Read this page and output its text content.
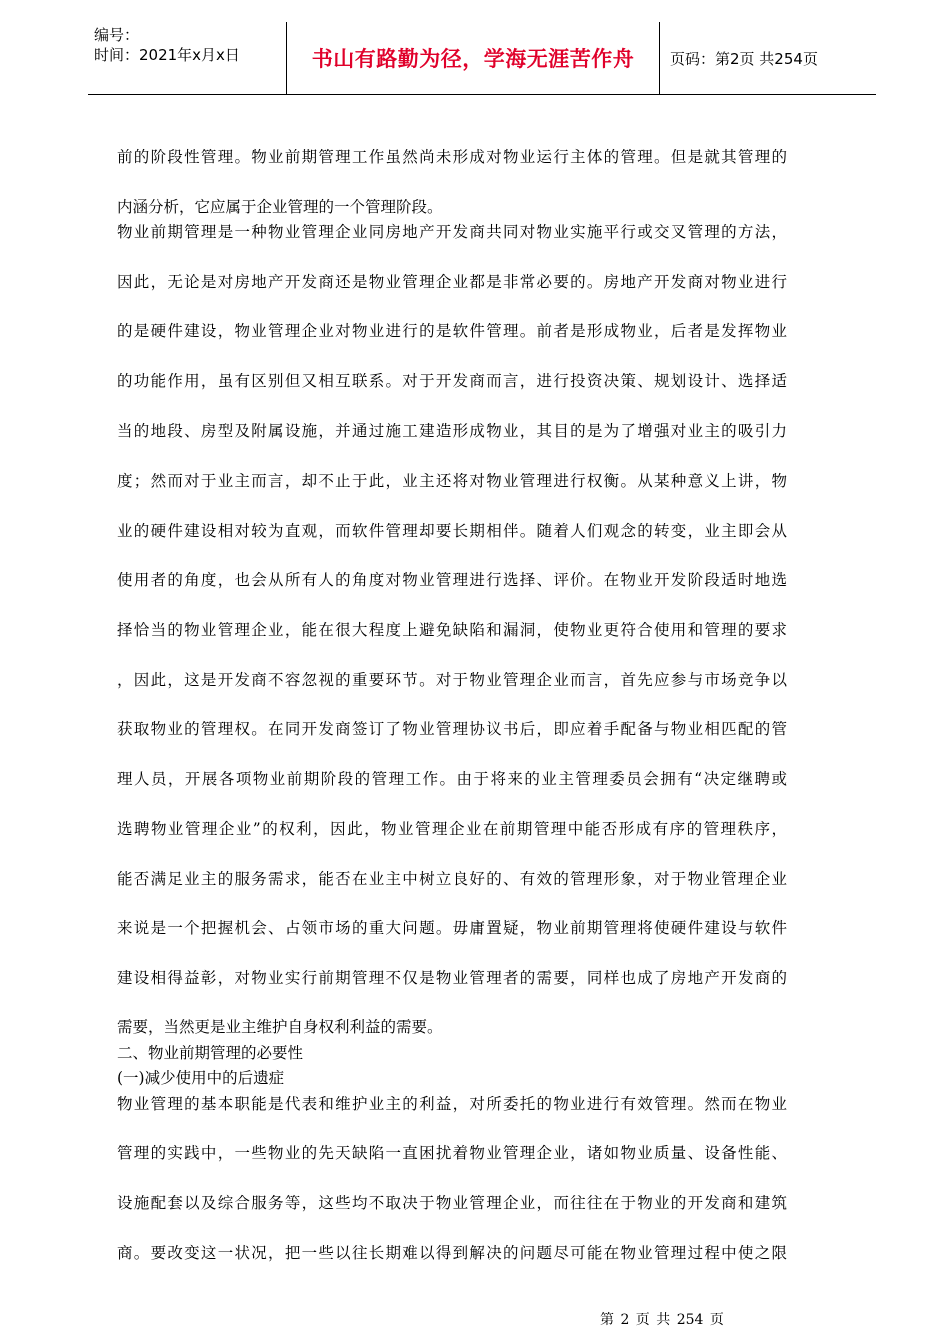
编号：
时间：2021年x月x日	书山有路勤为径，学海无涯苦作舟 页码：第2页 共254页
前的阶段性管理。物业前期管理工作虽然尚未形成对物业运行主体的管理。但是就其管理的
内涵分析，它应属于企业管理的一个管理阶段。
物业前期管理是一种物业管理企业同房地产开发商共同对物业实施平行或交叉管理的方法，
因此，无论是对房地产开发商还是物业管理企业都是非常必要的。房地产开发商对物业进行
的是硬件建设，物业管理企业对物业进行的是软件管理。前者是形成物业，后者是发挥物业
的功能作用，虽有区别但又相互联系。对于开发商而言，进行投资决策、规划设计、选择适
当的地段、房型及附属设施，并通过施工建造形成物业，其目的是为了增强对业主的吸引力
度；然而对于业主而言，却不止于此，业主还将对物业管理进行权衡。从某种意义上讲，物
业的硬件建设相对较为直观，而软件管理却要长期相伴。随着人们观念的转变，业主即会从
使用者的角度，也会从所有人的角度对物业管理进行选择、评价。在物业开发阶段适时地选
择恰当的物业管理企业，能在很大程度上避免缺陷和漏洞，使物业更符合使用和管理的要求
，因此，这是开发商不容忽视的重要环节。对于物业管理企业而言，首先应参与市场竞争以
获取物业的管理权。在同开发商签订了物业管理协议书后，即应着手配备与物业相匹配的管
理人员，开展各项物业前期阶段的管理工作。由于将来的业主管理委员会拥有“决定继聘或
选聘物业管理企业”的权利，因此，物业管理企业在前期管理中能否形成有序的管理秩序，
能否满足业主的服务需求，能否在业主中树立良好的、有效的管理形象，对于物业管理企业
来说是一个把握机会、占领市场的重大问题。毋庸置疑，物业前期管理将使硬件建设与软件
建设相得益彰，对物业实行前期管理不仅是物业管理者的需要，同样也成了房地产开发商的
需要，当然更是业主维护自身权利利益的需要。
二、物业前期管理的必要性
(一)减少使用中的后遗症
物业管理的基本职能是代表和维护业主的利益，对所委托的物业进行有效管理。然而在物业
管理的实践中，一些物业的先天缺陷一直困扰着物业管理企业，诸如物业质量、设备性能、
设施配套以及综合服务等，这些均不取决于物业管理企业，而往往在于物业的开发商和建筑
商。要改变这一状况，把一些以往长期难以得到解决的问题尽可能在物业管理过程中使之限
第 2 页 共 254 页
